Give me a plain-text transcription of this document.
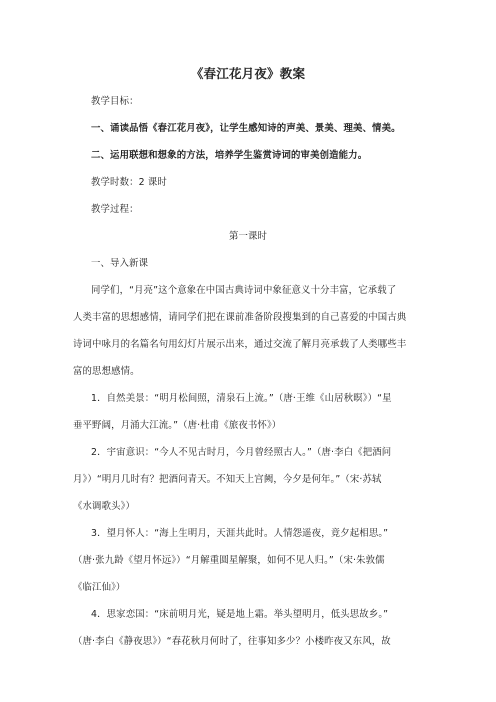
《春江花月夜》教案
教学目标：
一、诵读品悟《春江花月夜》，让学生感知诗的声美、景美、理美、情美。
二、运用联想和想象的方法，培养学生鉴赏诗词的审美创造能力。
教学时数：2 课时
教学过程：
第一课时
一、导入新课
同学们，“月亮”这个意象在中国古典诗词中象征意义十分丰富，它承载了
人类丰富的思想感情，请同学们把在课前准备阶段搜集到的自己喜爱的中国古典
诗词中咏月的名篇名句用幻灯片展示出来，通过交流了解月亮承载了人类哪些丰
富的思想感情。
1．自然美景：“明月松间照，清泉石上流。”（唐·王维《山居秋暝》）“星
垂平野阔，月涌大江流。”（唐·杜甫《旅夜书怀》）
2．宇宙意识：“今人不见古时月，今月曾经照古人。”（唐·李白《把酒问
月》）“明月几时有？把酒问青天。不知天上宫阙，今夕是何年。”（宋·苏轼
《水调歌头》）
3．望月怀人：“海上生明月，天涯共此时。人情怨遥夜，竟夕起相思。”
（唐·张九龄《望月怀远》）“月解重圆星解聚，如何不见人归。”（宋·朱敦儒
《临江仙》）
4．思家恋国：“床前明月光，疑是地上霜。举头望明月，低头思故乡。”
（唐·李白《静夜思》）“春花秋月何时了，往事知多少？小楼昨夜又东风，故
